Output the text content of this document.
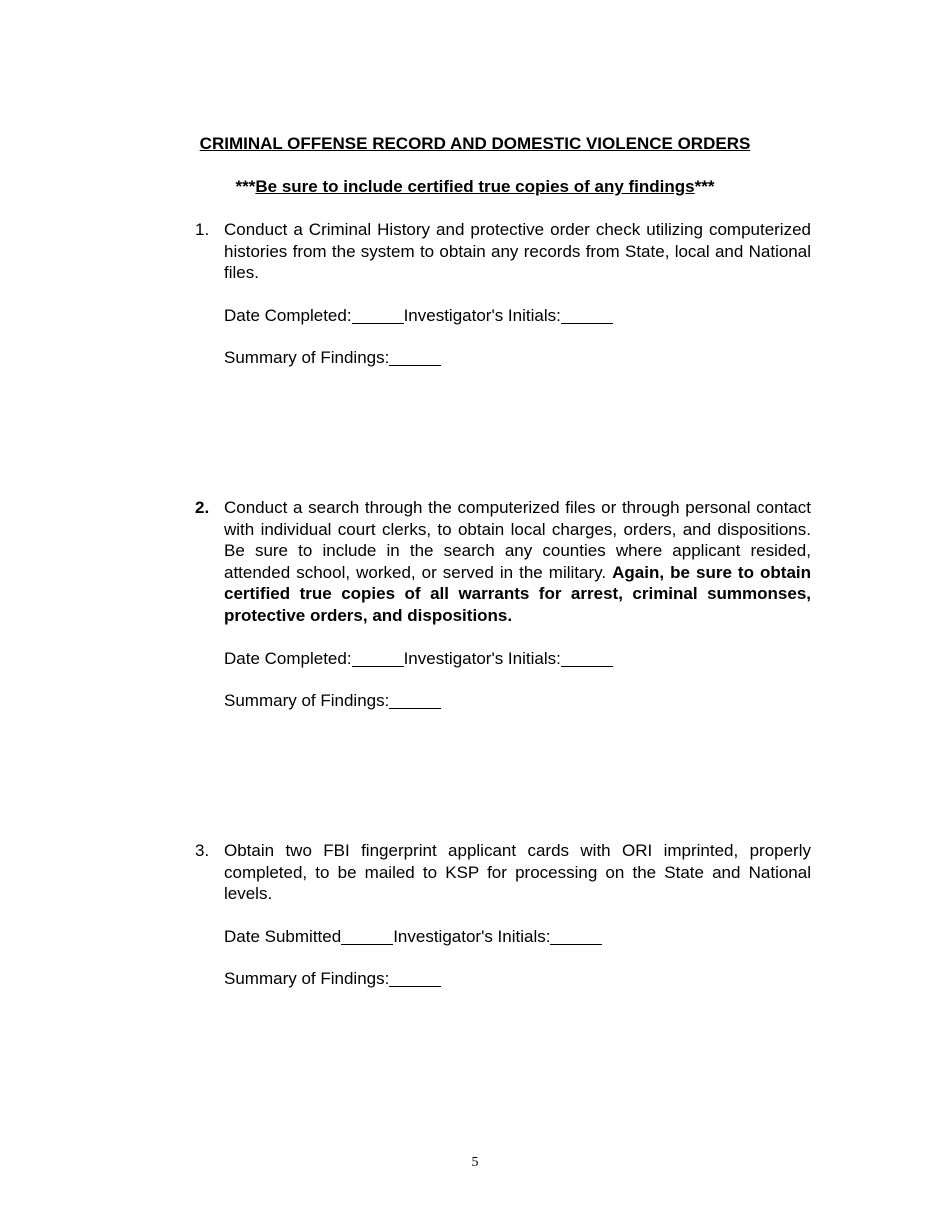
CRIMINAL OFFENSE RECORD AND DOMESTIC VIOLENCE ORDERS

***Be sure to include certified true copies of any findings***

1. Conduct a Criminal History and protective order check utilizing computerized histories from the system to obtain any records from State, local and National files.
Date Completed:	Investigator's Initials:
Summary of Findings:
2. Conduct a search through the computerized files or through personal contact with individual court clerks, to obtain local charges, orders, and dispositions. Be sure to include in the search any counties where applicant resided, attended school, worked, or served in the military. Again, be sure to obtain certified true copies of all warrants for arrest, criminal summonses, protective orders, and dispositions.
Date Completed:	Investigator's Initials:
Summary of Findings:
3. Obtain two FBI fingerprint applicant cards with ORI imprinted, properly completed, to be mailed to KSP for processing on the State and National levels.
Date Submitted	Investigator's Initials:
Summary of Findings:
5
